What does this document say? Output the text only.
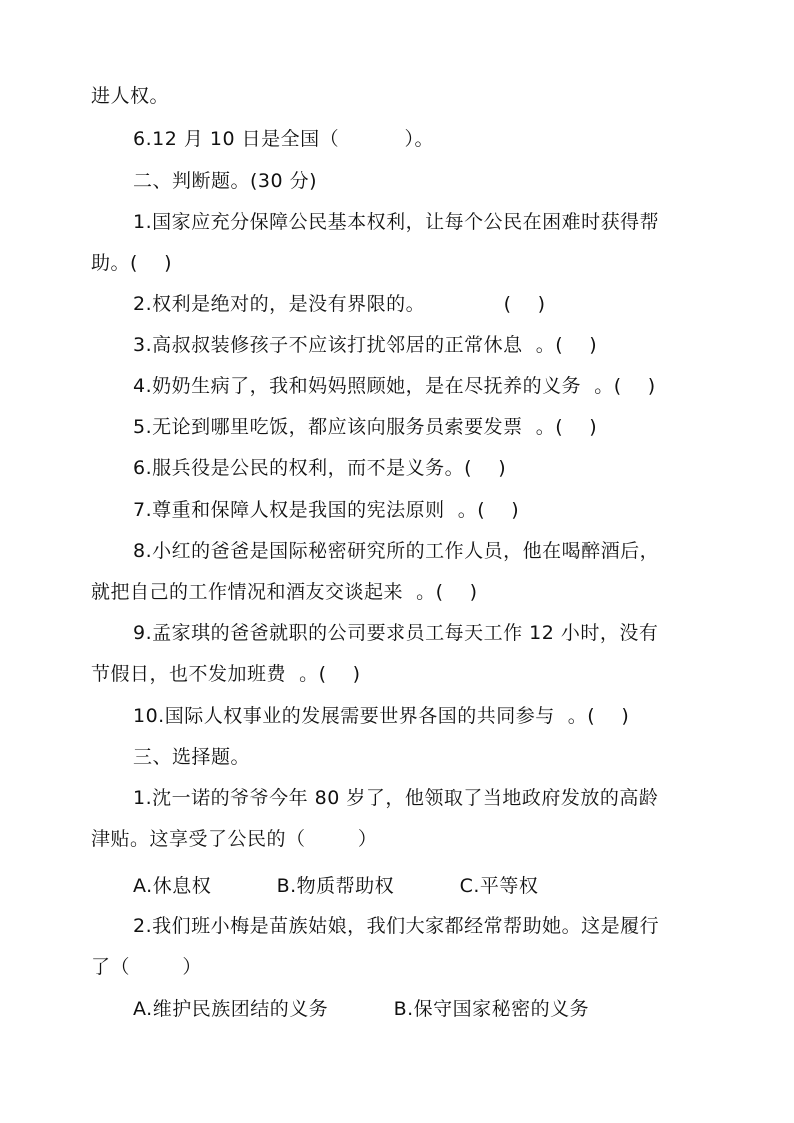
进人权。
6.12 月 10 日是全国（          ）。
二、判断题。(30 分)
1.国家应充分保障公民基本权利，让每个公民在困难时获得帮
助。(    )
2.权利是绝对的，是没有界限的。            (    )
3.高叔叔装修孩子不应该打扰邻居的正常休息  。(    )
4.奶奶生病了，我和妈妈照顾她，是在尽抚养的义务  。(    )
5.无论到哪里吃饭，都应该向服务员索要发票  。(    )
6.服兵役是公民的权利，而不是义务。(    )
7.尊重和保障人权是我国的宪法原则  。(    )
8.小红的爸爸是国际秘密研究所的工作人员，他在喝醉酒后，
就把自己的工作情况和酒友交谈起来  。(    )
9.孟家琪的爸爸就职的公司要求员工每天工作 12 小时，没有
节假日，也不发加班费  。(    )
10.国际人权事业的发展需要世界各国的共同参与  。(    )
三、选择题。
1.沈一诺的爷爷今年 80 岁了，他领取了当地政府发放的高龄
津贴。这享受了公民的（        ）
A.休息权          B.物质帮助权          C.平等权
2.我们班小梅是苗族姑娘，我们大家都经常帮助她。这是履行
了（        ）
A.维护民族团结的义务          B.保守国家秘密的义务
